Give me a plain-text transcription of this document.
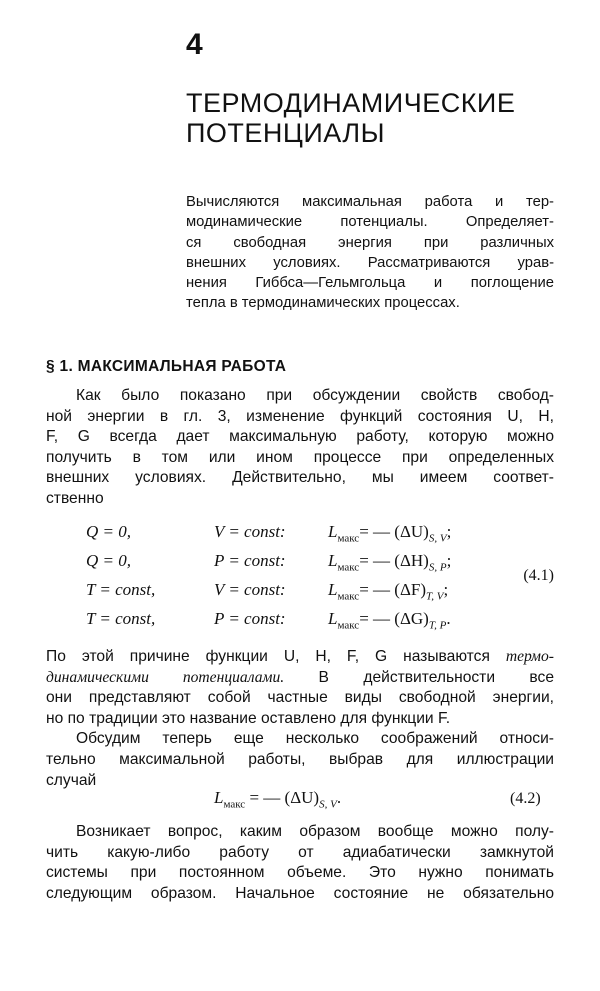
4
ТЕРМОДИНАМИЧЕСКИЕ
ПОТЕНЦИАЛЫ
Вычисляются максимальная работа и тер-
модинамические потенциалы. Определяет-
ся свободная энергия при различных
внешних условиях. Рассматриваются урав-
нения Гиббса—Гельмгольца и поглощение
тепла в термодинамических процессах.
§ 1. МАКСИМАЛЬНАЯ РАБОТА
Как было показано при обсуждении свойств свобод-
ной энергии в гл. 3, изменение функций состояния U, H,
F, G всегда дает максимальную работу, которую можно
получить в том или ином процессе при определенных
внешних условиях. Действительно, мы имеем соответ-
ственно
Q = 0,	V = const: $L_{макс}=$ — $(\Delta U)_{S, V}$;
Q = 0,	P = const: $L_{макс}=$ — $(\Delta H)_{S, P}$;
T = const,	V = const: $L_{макс}=$ — $(\Delta F)_{T, V}$;
T = const,	P = const: $L_{макс}=$ — $(\Delta G)_{T, P}$.
(4.1)
По этой причине функции U, H, F, G называются термо-
динамическими потенциалами. В действительности все
они представляют собой частные виды свободной энергии,
но по традиции это название оставлено для функции F.
Обсудим теперь еще несколько соображений относи-
тельно максимальной работы, выбрав для иллюстрации
случай
$L_{макс}$ = — $(\Delta U)_{S, V}$.	(4.2)
Возникает вопрос, каким образом вообще можно полу-
чить какую-либо работу от адиабатически замкнутой
системы при постоянном объеме. Это нужно понимать
следующим образом. Начальное состояние не обязательно
